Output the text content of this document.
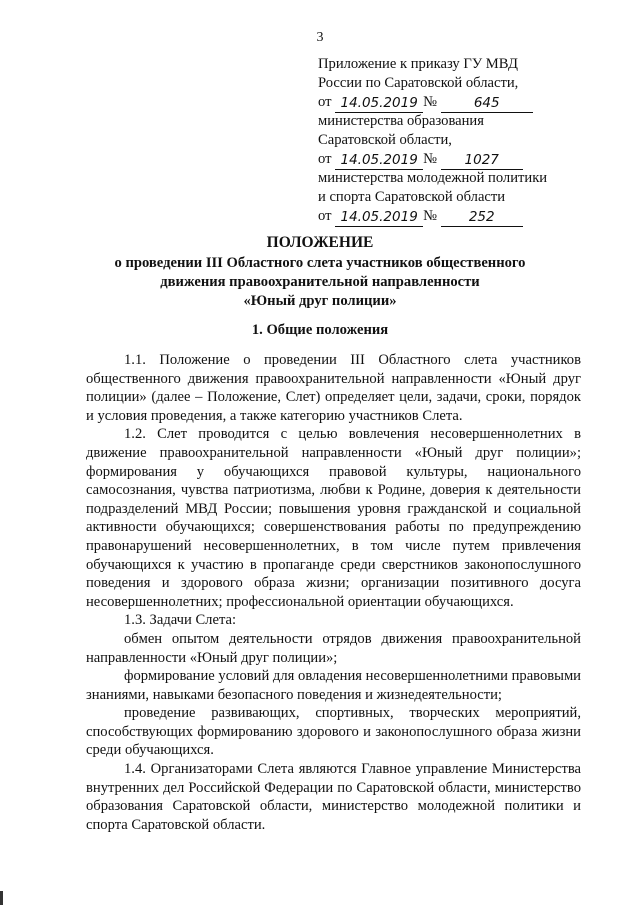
3
Приложение к приказу ГУ МВД
России по Саратовской области,
от 14.05.2019 № 645
министерства образования
Саратовской области,
от 14.05.2019 № 1027
министерства молодежной политики
и спорта Саратовской области
от 14.05.2019 № 252
ПОЛОЖЕНИЕ
о проведении III Областного слета участников общественного
движения правоохранительной направленности
«Юный друг полиции»
1. Общие положения

1.1. Положение о проведении III Областного слета участников общественного движения правоохранительной направленности «Юный друг полиции» (далее – Положение, Слет) определяет цели, задачи, сроки, порядок и условия проведения, а также категорию участников Слета.

1.2. Слет проводится с целью вовлечения несовершеннолетних в движение правоохранительной направленности «Юный друг полиции»; формирования у обучающихся правовой культуры, национального самосознания, чувства патриотизма, любви к Родине, доверия к деятельности подразделений МВД России; повышения уровня гражданской и социальной активности обучающихся; совершенствования работы по предупреждению правонарушений несовершеннолетних, в том числе путем привлечения обучающихся к участию в пропаганде среди сверстников законопослушного поведения и здорового образа жизни; организации позитивного досуга несовершеннолетних; профессиональной ориентации обучающихся.

1.3. Задачи Слета:

обмен опытом деятельности отрядов движения правоохранительной направленности «Юный друг полиции»;

формирование условий для овладения несовершеннолетними правовыми знаниями, навыками безопасного поведения и жизнедеятельности;

проведение развивающих, спортивных, творческих мероприятий, способствующих формированию здорового и законопослушного образа жизни среди обучающихся.

1.4. Организаторами Слета являются Главное управление Министерства внутренних дел Российской Федерации по Саратовской области, министерство образования Саратовской области, министерство молодежной политики и спорта Саратовской области.
